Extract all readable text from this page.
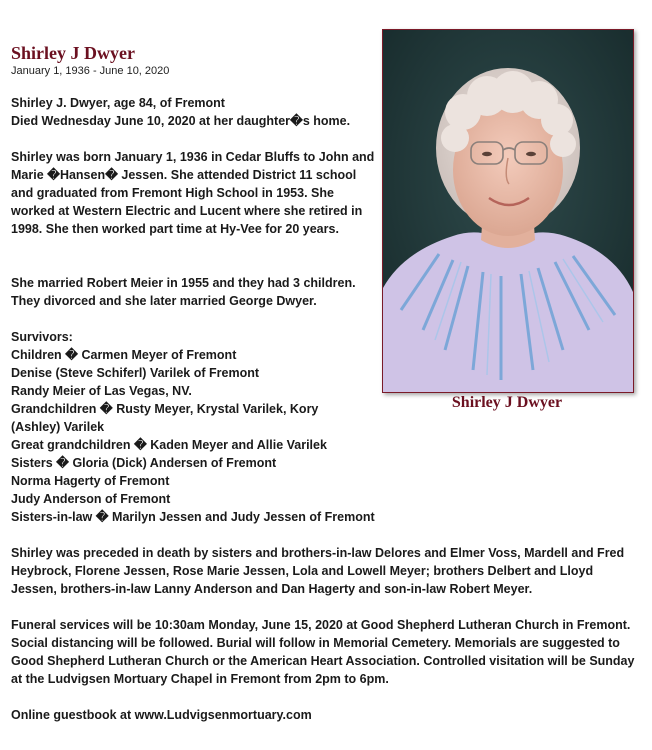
Shirley J Dwyer
January 1, 1936 - June 10, 2020

Shirley J. Dwyer, age 84, of Fremont

Died Wednesday June 10, 2020 at her daughter�s home.

Shirley was born January 1, 1936 in Cedar Bluffs to John and Marie �Hansen� Jessen. She attended District 11 school and graduated from Fremont High School in 1953. She worked at Western Electric and Lucent where she retired in 1998. She then worked part time at Hy-Vee for 20 years.

She married Robert Meier in 1955 and they had 3 children. They divorced and she later married George Dwyer.

Survivors:

Children � Carmen Meyer of Fremont

Denise (Steve Schiferl) Varilek of Fremont

Randy Meier of Las Vegas, NV.

Grandchildren � Rusty Meyer, Krystal Varilek, Kory (Ashley) Varilek

Great grandchildren � Kaden Meyer and Allie Varilek

Sisters � Gloria (Dick) Andersen of Fremont

Norma Hagerty of Fremont

Judy Anderson of Fremont

Sisters-in-law � Marilyn Jessen and Judy Jessen of Fremont

Shirley was preceded in death by sisters and brothers-in-law Delores and Elmer Voss, Mardell and Fred Heybrock, Florene Jessen, Rose Marie Jessen, Lola and Lowell Meyer; brothers Delbert and Lloyd Jessen, brothers-in-law Lanny Anderson and Dan Hagerty and son-in-law Robert Meyer.

Funeral services will be 10:30am Monday, June 15, 2020 at Good Shepherd Lutheran Church in Fremont. Social distancing will be followed. Burial will follow in Memorial Cemetery. Memorials are suggested to Good Shepherd Lutheran Church or the American Heart Association. Controlled visitation will be Sunday at the Ludvigsen Mortuary Chapel in Fremont from 2pm to 6pm.

Online guestbook at www.Ludvigsenmortuary.com

Shirley J Dwyer
